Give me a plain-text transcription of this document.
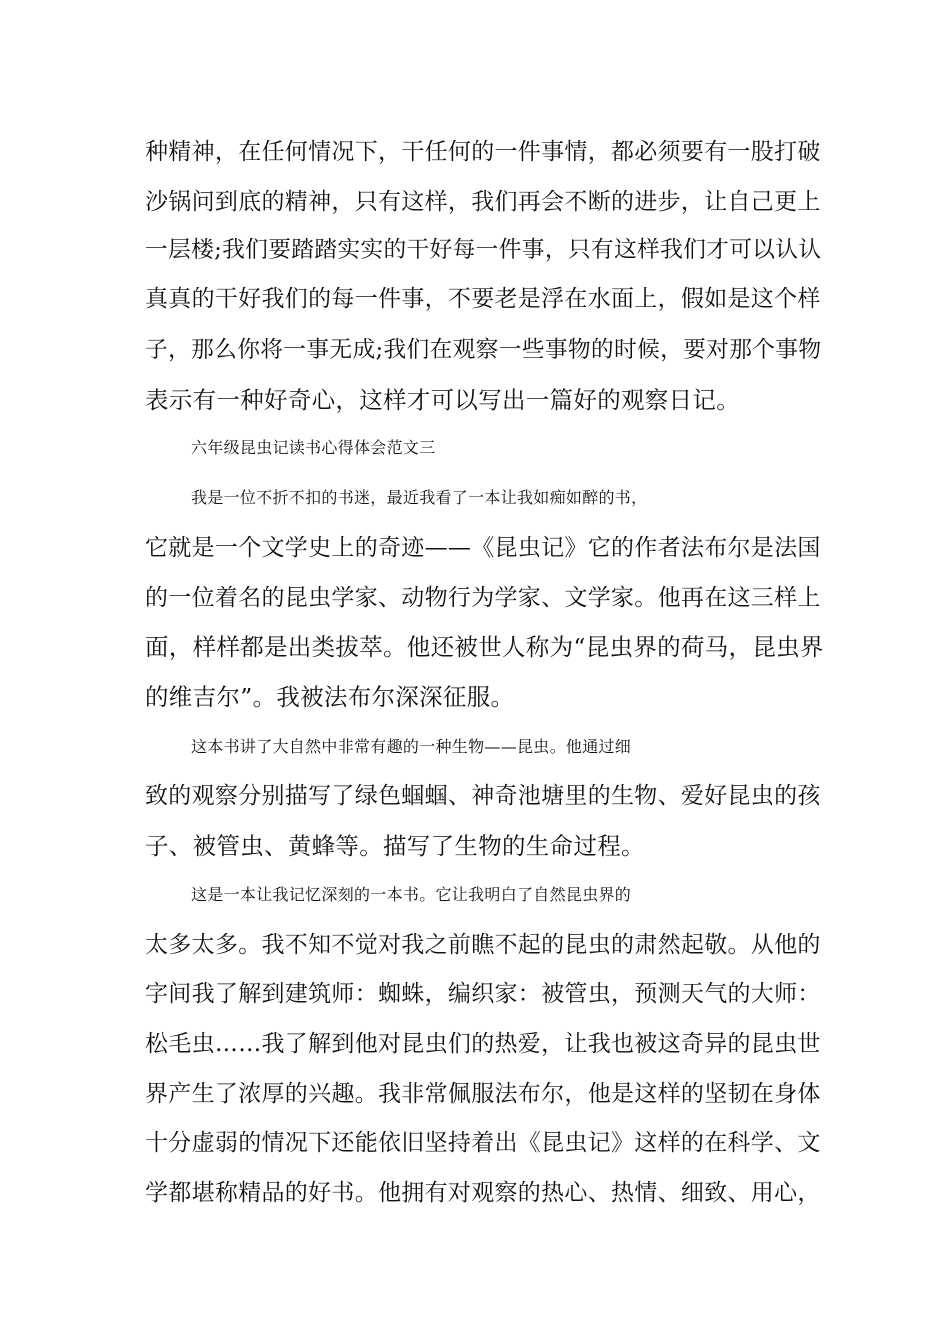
种精神，在任何情况下，干任何的一件事情，都必须要有一股打破
沙锅问到底的精神，只有这样，我们再会不断的进步，让自己更上
一层楼;我们要踏踏实实的干好每一件事，只有这样我们才可以认认
真真的干好我们的每一件事，不要老是浮在水面上，假如是这个样
子，那么你将一事无成;我们在观察一些事物的时候，要对那个事物
表示有一种好奇心，这样才可以写出一篇好的观察日记。
六年级昆虫记读书心得体会范文三
我是一位不折不扣的书迷，最近我看了一本让我如痴如醉的书，
它就是一个文学史上的奇迹——《昆虫记》它的作者法布尔是法国
的一位着名的昆虫学家、动物行为学家、文学家。他再在这三样上
面，样样都是出类拔萃。他还被世人称为“昆虫界的荷马，昆虫界
的维吉尔”。我被法布尔深深征服。
这本书讲了大自然中非常有趣的一种生物——昆虫。他通过细
致的观察分别描写了绿色蝈蝈、神奇池塘里的生物、爱好昆虫的孩
子、被管虫、黄蜂等。描写了生物的生命过程。
这是一本让我记忆深刻的一本书。它让我明白了自然昆虫界的
太多太多。我不知不觉对我之前瞧不起的昆虫的肃然起敬。从他的
字间我了解到建筑师：蜘蛛，编织家：被管虫，预测天气的大师：
松毛虫……我了解到他对昆虫们的热爱，让我也被这奇异的昆虫世
界产生了浓厚的兴趣。我非常佩服法布尔，他是这样的坚韧在身体
十分虚弱的情况下还能依旧坚持着出《昆虫记》这样的在科学、文
学都堪称精品的好书。他拥有对观察的热心、热情、细致、用心，
